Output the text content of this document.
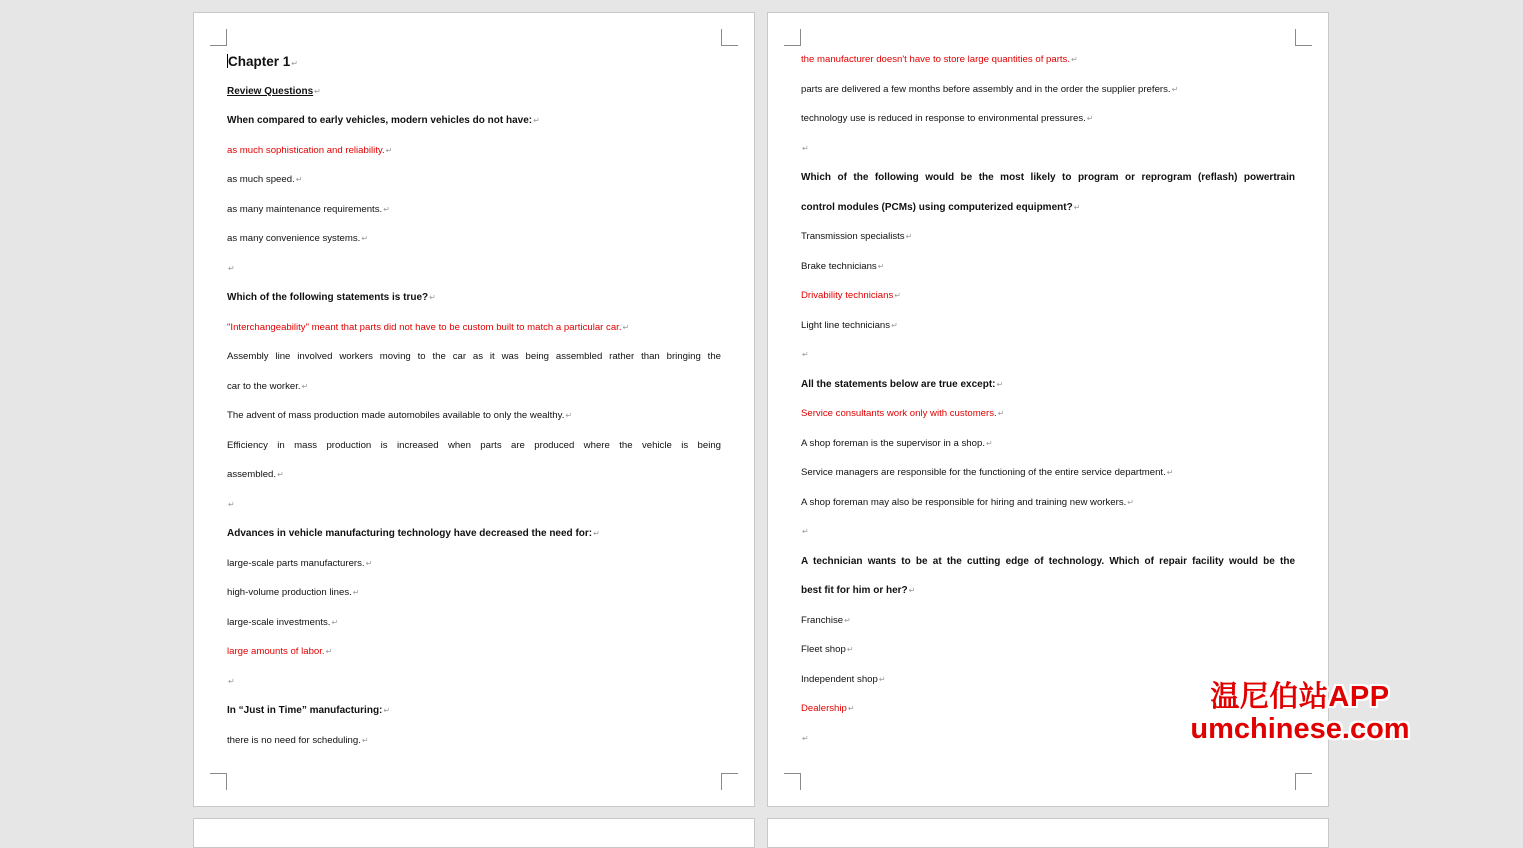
Chapter 1↵
Review Questions↵
When compared to early vehicles, modern vehicles do not have:↵
as much sophistication and reliability.↵
as much speed.↵
as many maintenance requirements.↵
as many convenience systems.↵
↵
Which of the following statements is true?↵
"Interchangeability" meant that parts did not have to be custom built to match a particular car.↵
Assembly line involved workers moving to the car as it was being assembled rather than bringing the
car to the worker.↵
The advent of mass production made automobiles available to only the wealthy.↵
Efficiency in mass production is increased when parts are produced where the vehicle is being
assembled.↵
↵
Advances in vehicle manufacturing technology have decreased the need for:↵
large-scale parts manufacturers.↵
high-volume production lines.↵
large-scale investments.↵
large amounts of labor.↵
↵
In “Just in Time” manufacturing:↵
there is no need for scheduling.↵
the manufacturer doesn't have to store large quantities of parts.↵
parts are delivered a few months before assembly and in the order the supplier prefers.↵
technology use is reduced in response to environmental pressures.↵
↵
Which of the following would be the most likely to program or reprogram (reflash) powertrain
control modules (PCMs) using computerized equipment?↵
Transmission specialists↵
Brake technicians↵
Drivability technicians↵
Light line technicians↵
↵
All the statements below are true except:↵
Service consultants work only with customers.↵
A shop foreman is the supervisor in a shop.↵
Service managers are responsible for the functioning of the entire service department.↵
A shop foreman may also be responsible for hiring and training new workers.↵
↵
A technician wants to be at the cutting edge of technology. Which of repair facility would be the
best fit for him or her?↵
Franchise↵
Fleet shop↵
Independent shop↵
Dealership↵
↵
温尼伯站APP
umchinese.com
